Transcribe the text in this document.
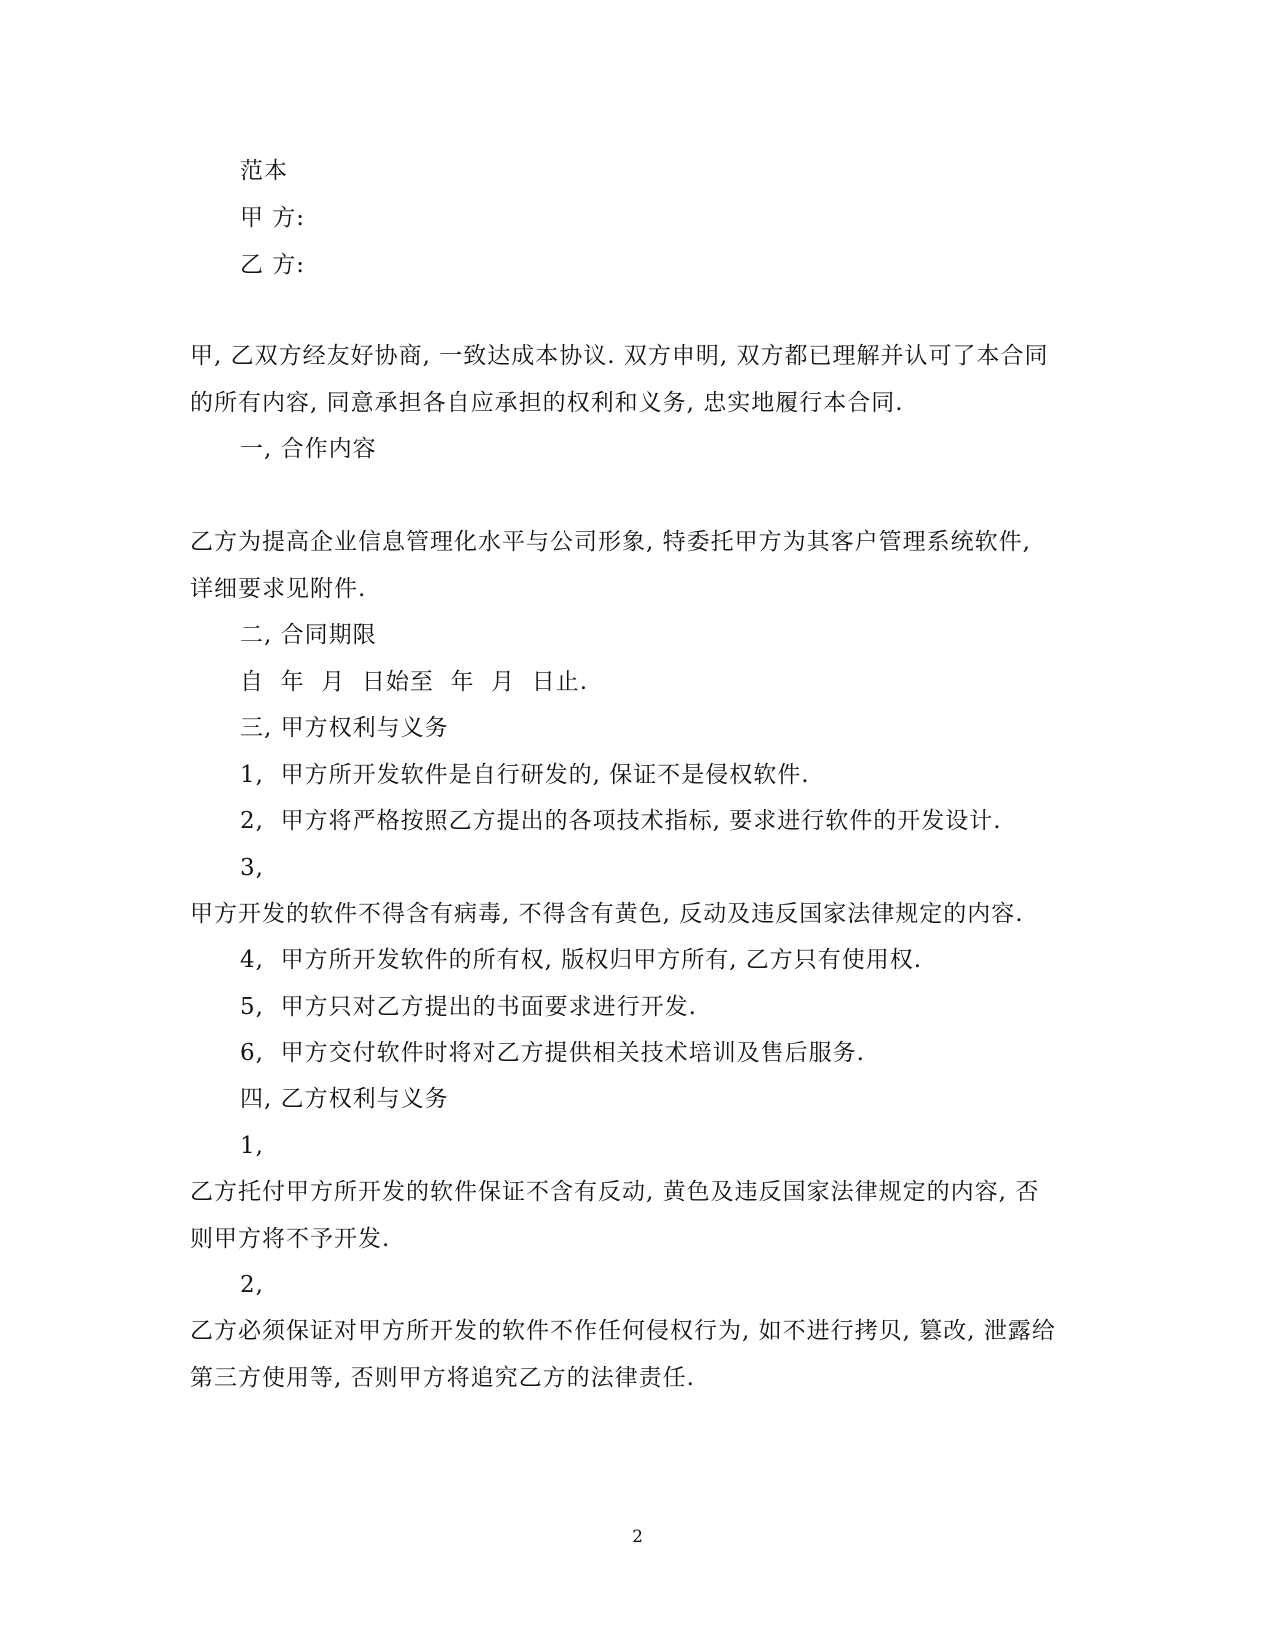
范本
甲 方:
乙 方:
甲, 乙双方经友好协商, 一致达成本协议. 双方申明, 双方都已理解并认可了本合同
的所有内容, 同意承担各自应承担的权利和义务, 忠实地履行本合同.
一, 合作内容
乙方为提高企业信息管理化水平与公司形象, 特委托甲方为其客户管理系统软件,
详细要求见附件.
二, 合同期限
自  年  月  日始至  年  月  日止.
三, 甲方权利与义务
1,  甲方所开发软件是自行研发的, 保证不是侵权软件.
2,  甲方将严格按照乙方提出的各项技术指标, 要求进行软件的开发设计.
3,
甲方开发的软件不得含有病毒, 不得含有黄色, 反动及违反国家法律规定的内容.
4,  甲方所开发软件的所有权, 版权归甲方所有, 乙方只有使用权.
5,  甲方只对乙方提出的书面要求进行开发.
6,  甲方交付软件时将对乙方提供相关技术培训及售后服务.
四, 乙方权利与义务
1,
乙方托付甲方所开发的软件保证不含有反动, 黄色及违反国家法律规定的内容, 否
则甲方将不予开发.
2,
乙方必须保证对甲方所开发的软件不作任何侵权行为, 如不进行拷贝, 篡改, 泄露给
第三方使用等, 否则甲方将追究乙方的法律责任.
2
